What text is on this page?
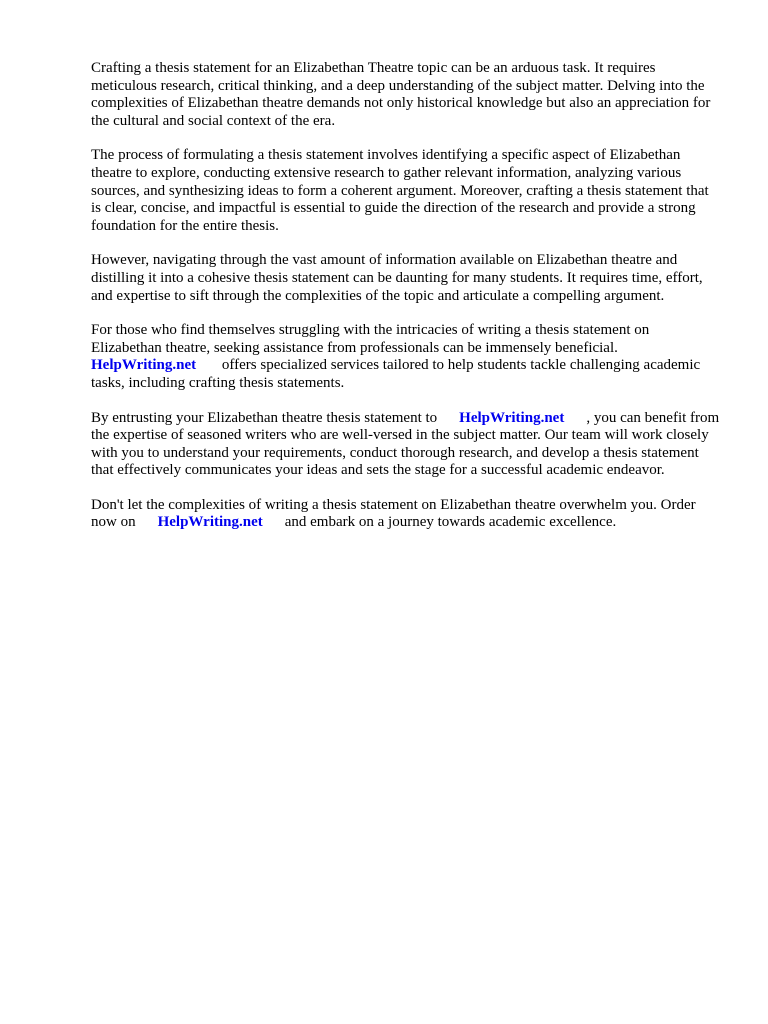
Crafting a thesis statement for an Elizabethan Theatre topic can be an arduous task. It requires meticulous research, critical thinking, and a deep understanding of the subject matter. Delving into the complexities of Elizabethan theatre demands not only historical knowledge but also an appreciation for the cultural and social context of the era.

The process of formulating a thesis statement involves identifying a specific aspect of Elizabethan theatre to explore, conducting extensive research to gather relevant information, analyzing various sources, and synthesizing ideas to form a coherent argument. Moreover, crafting a thesis statement that is clear, concise, and impactful is essential to guide the direction of the research and provide a strong foundation for the entire thesis.

However, navigating through the vast amount of information available on Elizabethan theatre and distilling it into a cohesive thesis statement can be daunting for many students. It requires time, effort, and expertise to sift through the complexities of the topic and articulate a compelling argument.

For those who find themselves struggling with the intricacies of writing a thesis statement on Elizabethan theatre, seeking assistance from professionals can be immensely beneficial.
HelpWriting.net offers specialized services tailored to help students tackle challenging academic tasks, including crafting thesis statements.

By entrusting your Elizabethan theatre thesis statement to HelpWriting.net , you can benefit from the expertise of seasoned writers who are well-versed in the subject matter. Our team will work closely with you to understand your requirements, conduct thorough research, and develop a thesis statement that effectively communicates your ideas and sets the stage for a successful academic endeavor.

Don't let the complexities of writing a thesis statement on Elizabethan theatre overwhelm you. Order now on HelpWriting.net and embark on a journey towards academic excellence.
